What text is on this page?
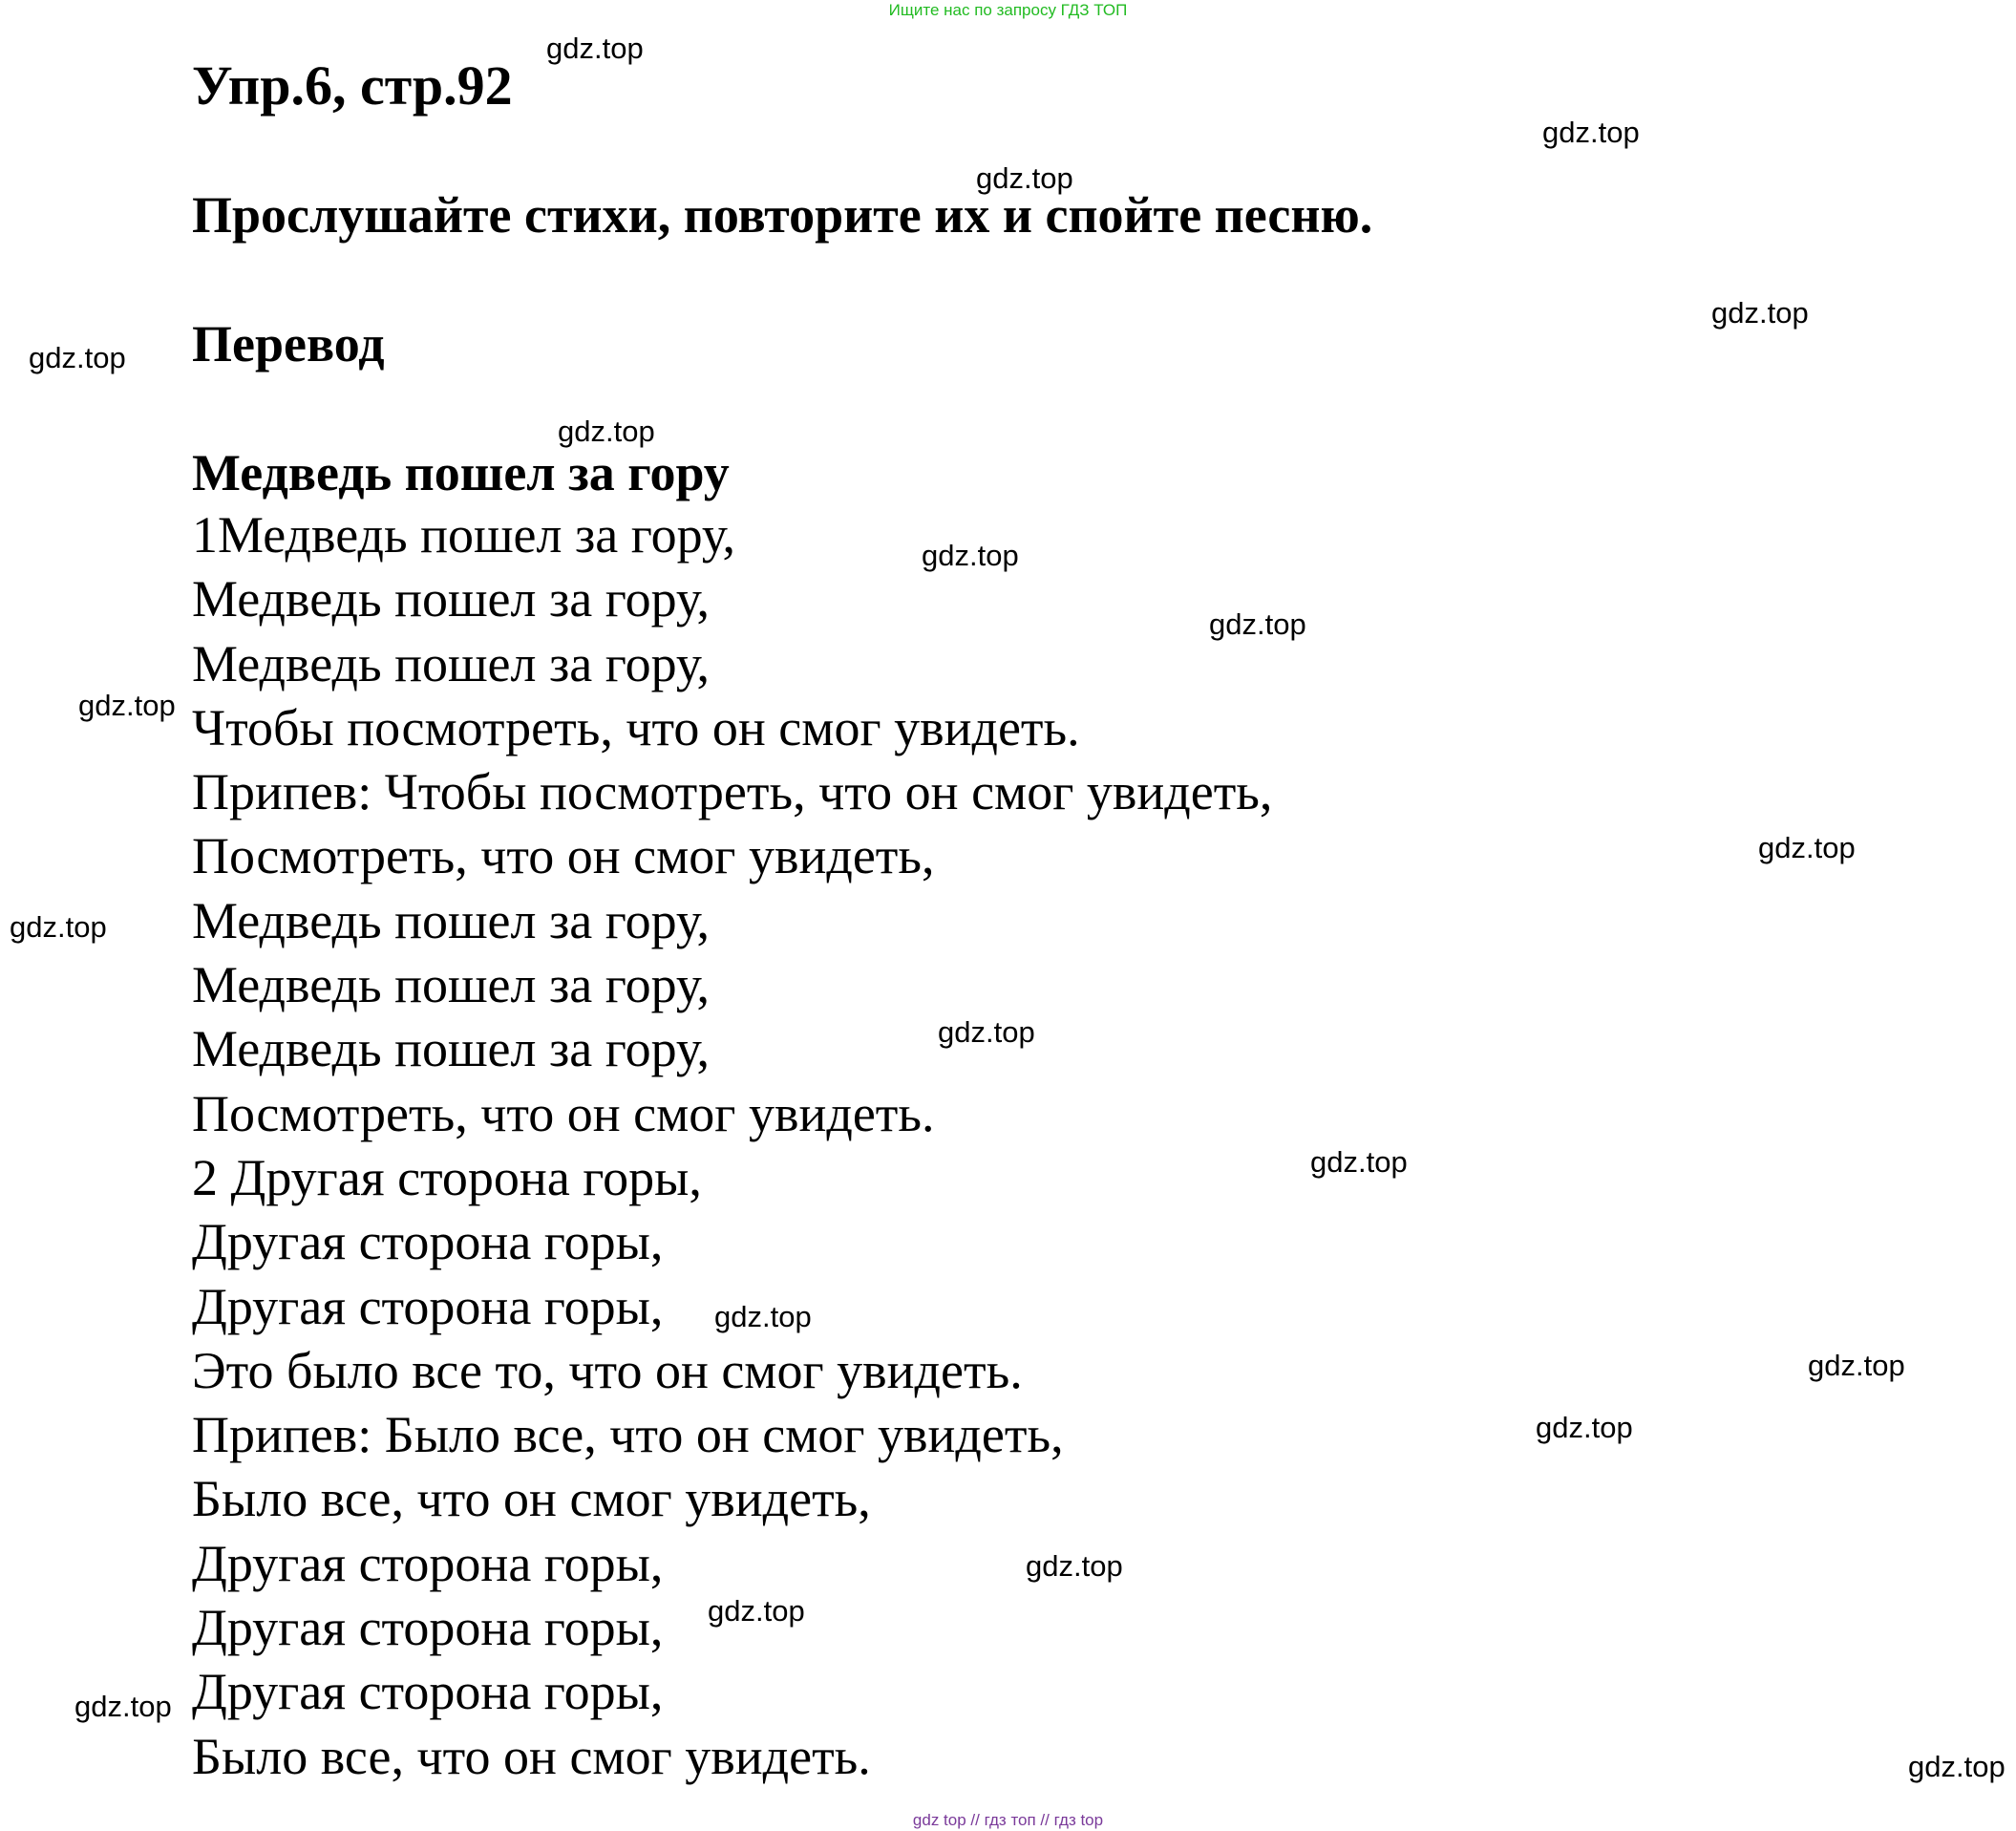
Ищите нас по запросу ГДЗ ТОП
Упр.6, стр.92
Прослушайте стихи, повторите их и спойте песню.
Перевод
Медведь пошел за гору
1Медведь пошел за гору,
Медведь пошел за гору,
Медведь пошел за гору,
Чтобы посмотреть, что он смог увидеть.
Припев: Чтобы посмотреть, что он смог увидеть,
Посмотреть, что он смог увидеть,
Медведь пошел за гору,
Медведь пошел за гору,
Медведь пошел за гору,
Посмотреть, что он смог увидеть.
2 Другая сторона горы,
Другая сторона горы,
Другая сторона горы,
Это было все то, что он смог увидеть.
Припев: Было все, что он смог увидеть,
Было все, что он смог увидеть,
Другая сторона горы,
Другая сторона горы,
Другая сторона горы,
Было все, что он смог увидеть.
gdz.top
gdz.top
gdz.top
gdz.top
gdz.top
gdz.top
gdz.top
gdz.top
gdz.top
gdz.top
gdz.top
gdz.top
gdz.top
gdz.top
gdz.top
gdz.top
gdz.top
gdz.top
gdz.top
gdz.top
gdz top // гдз топ // гдз top
